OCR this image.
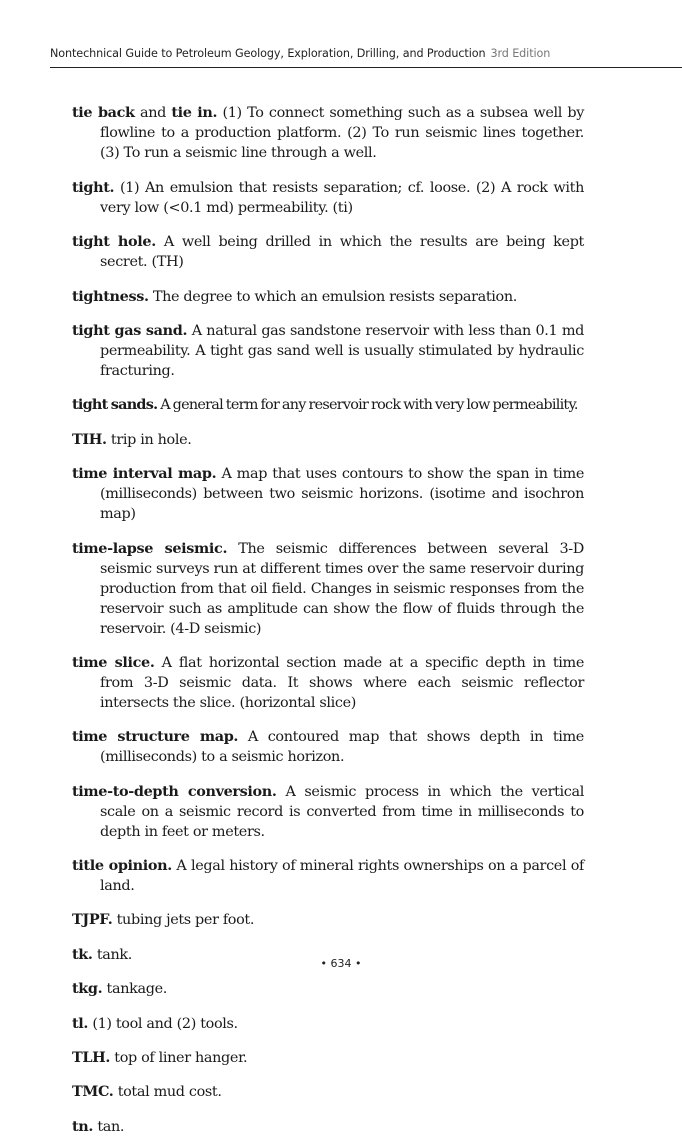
Nontechnical Guide to Petroleum Geology, Exploration, Drilling, and Production 3rd Edition

tie back and tie in. (1) To connect something such as a subsea well by flowline to a production platform. (2) To run seismic lines together. (3) To run a seismic line through a well.

tight. (1) An emulsion that resists separation; cf. loose. (2) A rock with very low (<0.1 md) permeability. (ti)

tight hole. A well being drilled in which the results are being kept secret. (TH)

tightness. The degree to which an emulsion resists separation.

tight gas sand. A natural gas sandstone reservoir with less than 0.1 md permeability. A tight gas sand well is usually stimulated by hydraulic fracturing.

tight sands. A general term for any reservoir rock with very low permeability.

TIH. trip in hole.

time interval map. A map that uses contours to show the span in time (milliseconds) between two seismic horizons. (isotime and isochron map)

time-lapse seismic. The seismic differences between several 3-D seismic surveys run at different times over the same reservoir during production from that oil field. Changes in seismic responses from the reservoir such as amplitude can show the flow of fluids through the reservoir. (4-D seismic)

time slice. A flat horizontal section made at a specific depth in time from 3-D seismic data. It shows where each seismic reflector intersects the slice. (horizontal slice)

time structure map. A contoured map that shows depth in time (milliseconds) to a seismic horizon.

time-to-depth conversion. A seismic process in which the vertical scale on a seismic record is converted from time in milliseconds to depth in feet or meters.

title opinion. A legal history of mineral rights ownerships on a parcel of land.

TJPF. tubing jets per foot.

tk. tank.

tkg. tankage.

tl. (1) tool and (2) tools.

TLH. top of liner hanger.

TMC. total mud cost.

tn. tan.

• 634 •
